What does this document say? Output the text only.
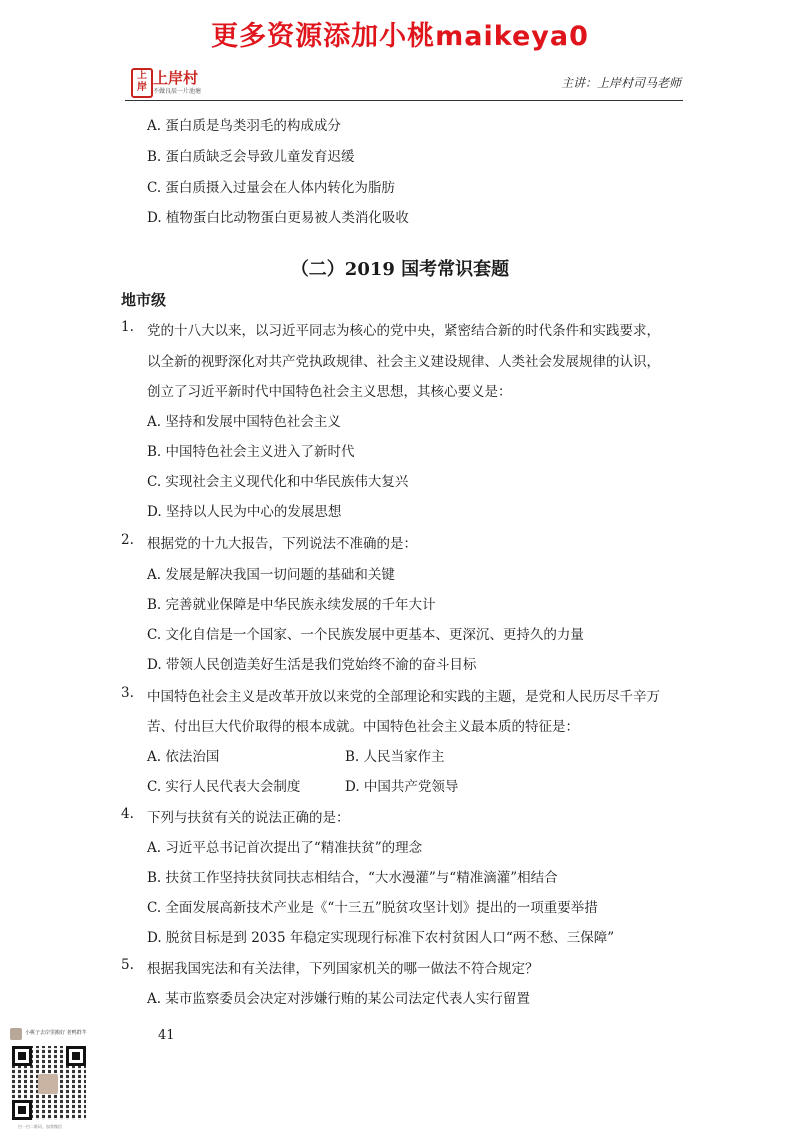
更多资源添加小桃maikeya0
上岸
上岸村
不做良辰一片池塘
主讲：上岸村司马老师
A. 蛋白质是鸟类羽毛的构成成分
B. 蛋白质缺乏会导致儿童发育迟缓
C. 蛋白质摄入过量会在人体内转化为脂肪
D. 植物蛋白比动物蛋白更易被人类消化吸收
（二）2019 国考常识套题
地市级
1. 党的十八大以来，以习近平同志为核心的党中央，紧密结合新的时代条件和实践要求，
以全新的视野深化对共产党执政规律、社会主义建设规律、人类社会发展规律的认识，
创立了习近平新时代中国特色社会主义思想，其核心要义是：
A. 坚持和发展中国特色社会主义
B. 中国特色社会主义进入了新时代
C. 实现社会主义现代化和中华民族伟大复兴
D. 坚持以人民为中心的发展思想
2. 根据党的十九大报告，下列说法不准确的是：
A. 发展是解决我国一切问题的基础和关键
B. 完善就业保障是中华民族永续发展的千年大计
C. 文化自信是一个国家、一个民族发展中更基本、更深沉、更持久的力量
D. 带领人民创造美好生活是我们党始终不渝的奋斗目标
3. 中国特色社会主义是改革开放以来党的全部理论和实践的主题，是党和人民历尽千辛万
苦、付出巨大代价取得的根本成就。中国特色社会主义最本质的特征是：
A. 依法治国	B. 人民当家作主
C. 实行人民代表大会制度	D. 中国共产党领导
4. 下列与扶贫有关的说法正确的是：
A. 习近平总书记首次提出了“精准扶贫”的理念
B. 扶贫工作坚持扶贫同扶志相结合，“大水漫灌”与“精准滴灌”相结合
C. 全面发展高新技术产业是《“十三五”脱贫攻坚计划》提出的一项重要举措
D. 脱贫目标是到 2035 年稳定实现现行标准下农村贫困人口“两不愁、三保障”
5. 根据我国宪法和有关法律，下列国家机关的哪一做法不符合规定？
A. 某市监察委员会决定对涉嫌行贿的某公司法定代表人实行留置
41
小桃子去岸里搬好 老鸭群芊
扫一扫二维码，加我微信
